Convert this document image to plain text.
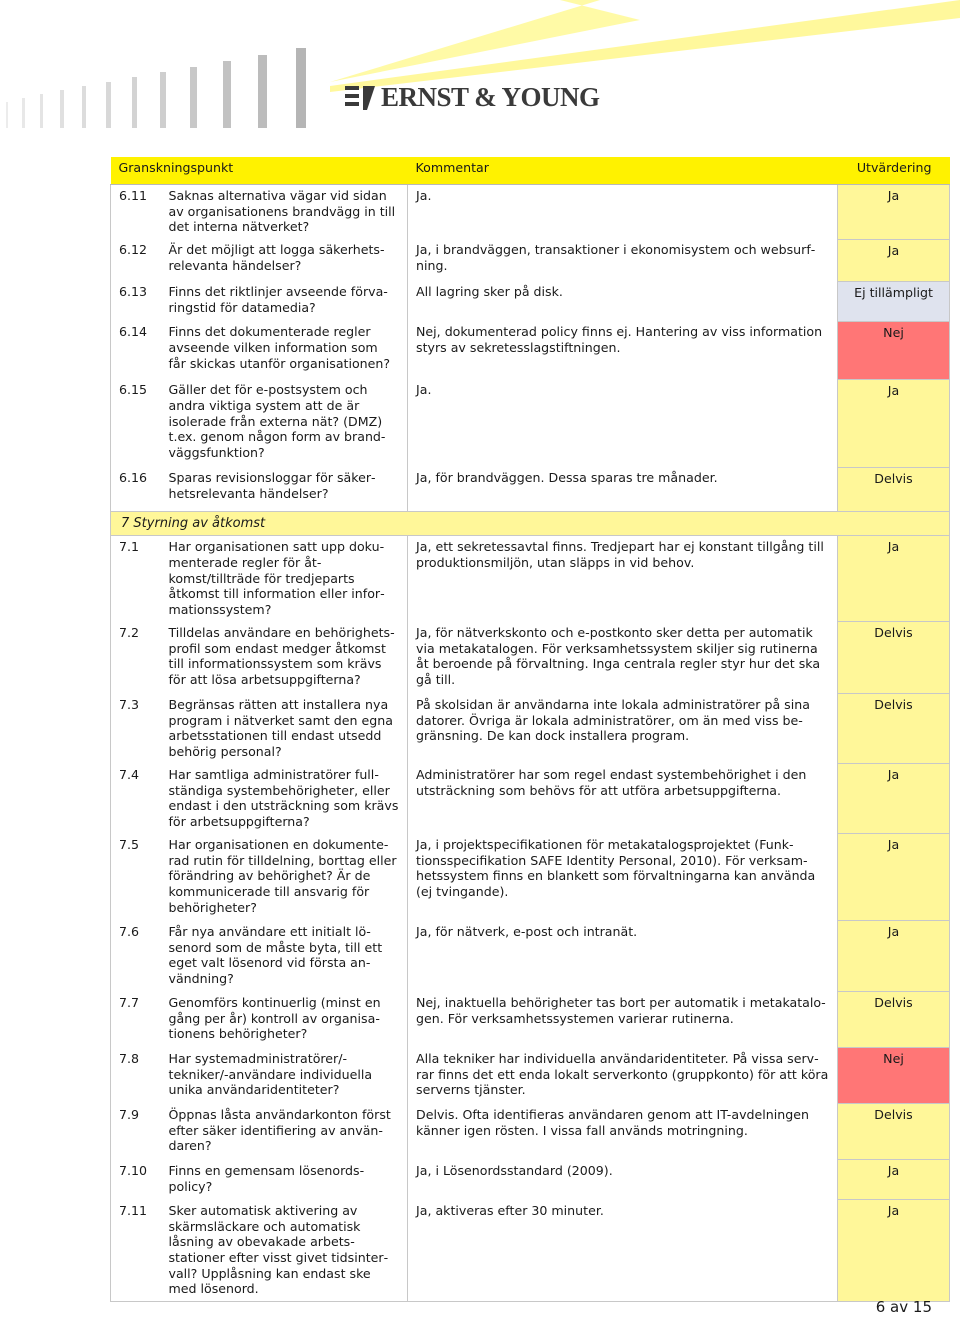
ERNST & YOUNG
Granskningspunkt		Kommentar	Utvärdering
6.11	Saknas alternativa vägar vid sidan av organisationens brandvägg in till det interna nätverket?	Ja.	Ja
6.12	Är det möjligt att logga säkerhetsrelevanta händelser?	Ja, i brandväggen, transaktioner i ekonomisystem och websurfning.	Ja
6.13	Finns det riktlinjer avseende förvaringstid för datamedia?	All lagring sker på disk.	Ej tillämpligt
6.14	Finns det dokumenterade regler avseende vilken information som får skickas utanför organisationen?	Nej, dokumenterad policy finns ej. Hantering av viss information styrs av sekretesslagstiftningen.	Nej
6.15	Gäller det för e-postsystem och andra viktiga system att de är isolerade från externa nät? (DMZ) t.ex. genom någon form av brandväggsfunktion?	Ja.	Ja
6.16	Sparas revisionsloggar för säkerhetsrelevanta händelser?	Ja, för brandväggen. Dessa sparas tre månader.	Delvis
7 Styrning av åtkomst			
7.1	Har organisationen satt upp dokumenterade regler för åtkomst/tillträde för tredjeparts åtkomst till information eller informationssystem?	Ja, ett sekretessavtal finns. Tredjepart har ej konstant tillgång till produktionsmiljön, utan släpps in vid behov.	Ja
7.2	Tilldelas användare en behörighetsprofil som endast medger åtkomst till informationssystem som krävs för att lösa arbetsuppgifterna?	Ja, för nätverkskonto och e-postkonto sker detta per automatik via metakatalogen. För verksamhetssystem skiljer sig rutinerna åt beroende på förvaltning. Inga centrala regler styr hur det ska gå till.	Delvis
7.3	Begränsas rätten att installera nya program i nätverket samt den egna arbetsstationen till endast utsedd behörig personal?	På skolsidan är användarna inte lokala administratörer på sina datorer. Övriga är lokala administratörer, om än med viss begränsning. De kan dock installera program.	Delvis
7.4	Har samtliga administratörer fullständiga systembehörigheter, eller endast i den utsträckning som krävs för arbetsuppgifterna?	Administratörer har som regel endast systembehörighet i den utsträckning som behövs för att utföra arbetsuppgifterna.	Ja
7.5	Har organisationen en dokumenterad rutin för tilldelning, borttag eller förändring av behörighet? Är de kommunicerade till ansvarig för behörigheter?	Ja, i projektspecifikationen för metakatalogsprojektet (Funktionsspecifikation SAFE Identity Personal, 2010). För verksamhetssystem finns en blankett som förvaltningarna kan använda (ej tvingande).	Ja
7.6	Får nya användare ett initialt lösenord som de måste byta, till ett eget valt lösenord vid första användning?	Ja, för nätverk, e-post och intranät.	Ja
7.7	Genomförs kontinuerlig (minst en gång per år) kontroll av organisationens behörigheter?	Nej, inaktuella behörigheter tas bort per automatik i metakatalogen. För verksamhetssystemen varierar rutinerna.	Delvis
7.8	Har systemadministratörer/tekniker/-användare individuella unika användaridentiteter?	Alla tekniker har individuella användaridentiteter. På vissa servrar finns det ett enda lokalt serverkonto (gruppkonto) för att köra serverns tjänster.	Nej
7.9	Öppnas låsta användarkonton först efter säker identifiering av användaren?	Delvis. Ofta identifieras användaren genom att IT-avdelningen känner igen rösten. I vissa fall används motringning.	Delvis
7.10	Finns en gemensam lösenordspolicy?	Ja, i Lösenordsstandard (2009).	Ja
7.11	Sker automatisk aktivering av skärmsläckare och automatisk låsning av obevakade arbetsstationer efter visst givet tidsintervall? Upplåsning kan endast ske med lösenord.	Ja, aktiveras efter 30 minuter.	Ja
6 av 15
